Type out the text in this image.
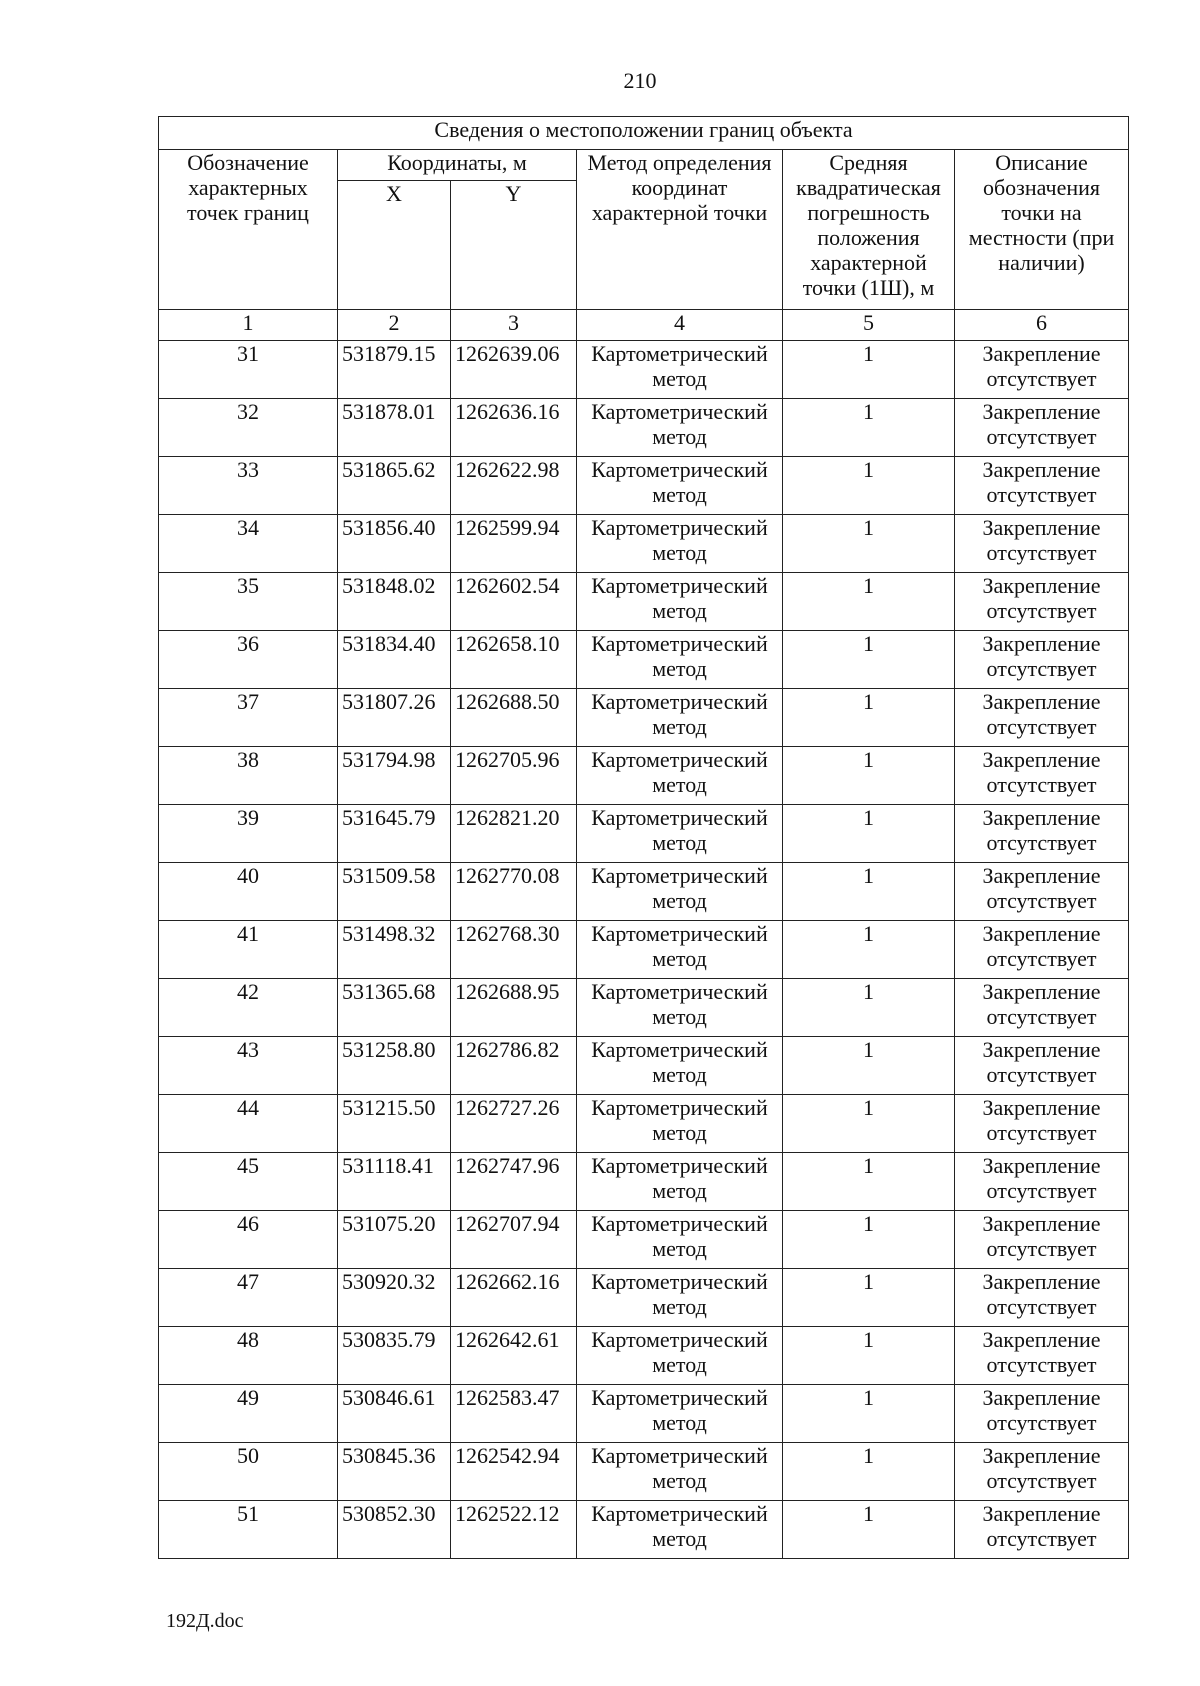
210
Сведения о местоположении границ объекта					
Обозначение характерных точек границ	Координаты, м		Метод определения координат характерной точки	Средняя квадратическая погрешность положения характерной точки (1Ш), м	Описание обозначения точки на местности (при наличии)
	X	Y			
1	2	3	4	5	6
31	531879.15	1262639.06	Картометрический метод	1	Закрепление отсутствует
32	531878.01	1262636.16	Картометрический метод	1	Закрепление отсутствует
33	531865.62	1262622.98	Картометрический метод	1	Закрепление отсутствует
34	531856.40	1262599.94	Картометрический метод	1	Закрепление отсутствует
35	531848.02	1262602.54	Картометрический метод	1	Закрепление отсутствует
36	531834.40	1262658.10	Картометрический метод	1	Закрепление отсутствует
37	531807.26	1262688.50	Картометрический метод	1	Закрепление отсутствует
38	531794.98	1262705.96	Картометрический метод	1	Закрепление отсутствует
39	531645.79	1262821.20	Картометрический метод	1	Закрепление отсутствует
40	531509.58	1262770.08	Картометрический метод	1	Закрепление отсутствует
41	531498.32	1262768.30	Картометрический метод	1	Закрепление отсутствует
42	531365.68	1262688.95	Картометрический метод	1	Закрепление отсутствует
43	531258.80	1262786.82	Картометрический метод	1	Закрепление отсутствует
44	531215.50	1262727.26	Картометрический метод	1	Закрепление отсутствует
45	531118.41	1262747.96	Картометрический метод	1	Закрепление отсутствует
46	531075.20	1262707.94	Картометрический метод	1	Закрепление отсутствует
47	530920.32	1262662.16	Картометрический метод	1	Закрепление отсутствует
48	530835.79	1262642.61	Картометрический метод	1	Закрепление отсутствует
49	530846.61	1262583.47	Картометрический метод	1	Закрепление отсутствует
50	530845.36	1262542.94	Картометрический метод	1	Закрепление отсутствует
51	530852.30	1262522.12	Картометрический метод	1	Закрепление отсутствует
192Д.doc
